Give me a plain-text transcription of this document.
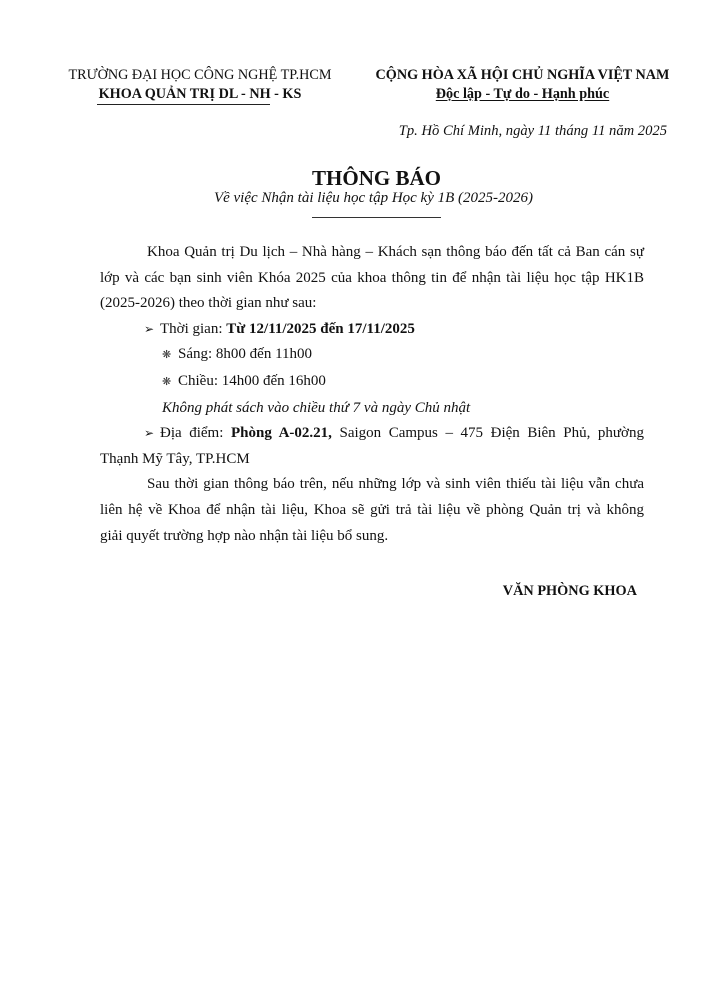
TRƯỜNG ĐẠI HỌC CÔNG NGHỆ TP.HCM
KHOA QUẢN TRỊ DL - NH - KS
CỘNG HÒA XÃ HỘI CHỦ NGHĨA VIỆT NAM
Độc lập - Tự do - Hạnh phúc
Tp. Hồ Chí Minh, ngày 11 tháng 11 năm 2025
THÔNG BÁO
Về việc Nhận tài liệu học tập Học kỳ 1B (2025-2026)

Khoa Quản trị Du lịch – Nhà hàng – Khách sạn thông báo đến tất cả Ban cán sự

lớp và các bạn sinh viên Khóa 2025 của khoa thông tin để nhận tài liệu học tập HK1B

(2025-2026) theo thời gian như sau:

➢ Thời gian: Từ 12/11/2025 đến 17/11/2025

❋ Sáng: 8h00 đến 11h00

❋ Chiều: 14h00 đến 16h00

Không phát sách vào chiều thứ 7 và ngày Chủ nhật

➢ Địa điểm: Phòng A-02.21, Saigon Campus – 475 Điện Biên Phủ, phường

Thạnh Mỹ Tây, TP.HCM

Sau thời gian thông báo trên, nếu những lớp và sinh viên thiếu tài liệu vẫn chưa

liên hệ về Khoa để nhận tài liệu, Khoa sẽ gửi trả tài liệu về phòng Quản trị và không

giải quyết trường hợp nào nhận tài liệu bổ sung.

VĂN PHÒNG KHOA
